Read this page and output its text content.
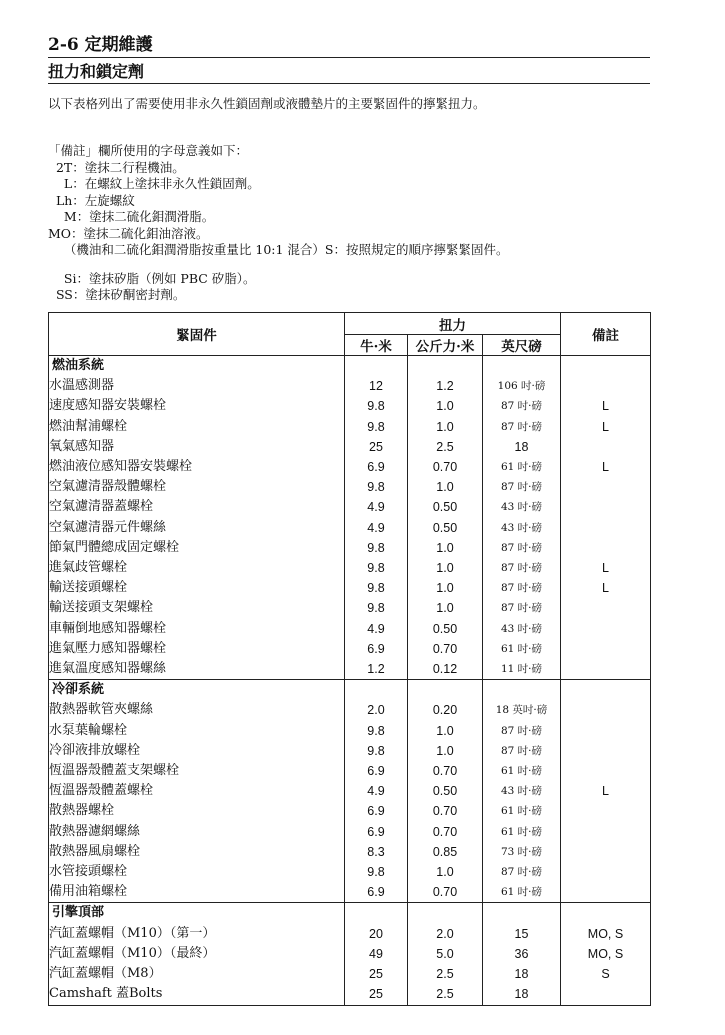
2-6 定期維護
扭力和鎖定劑
以下表格列出了需要使用非永久性鎖固劑或液體墊片的主要緊固件的擰緊扭力。
「備註」欄所使用的字母意義如下：
2T：塗抹二行程機油。
L：在螺紋上塗抹非永久性鎖固劑。
Lh：左旋螺紋
M：塗抹二硫化鉬潤滑脂。
MO：塗抹二硫化鉬油溶液。
（機油和二硫化鉬潤滑脂按重量比 10:1 混合）S：按照規定的順序擰緊緊固件。
Si：塗抹矽脂（例如 PBC 矽脂）。
SS：塗抹矽酮密封劑。
緊固件	扭力			備註
	牛·米	公斤力·米	英尺磅	
燃油系統				
水溫感測器	12	1.2	106 吋·磅	
速度感知器安裝螺栓	9.8	1.0	87 吋·磅	L
燃油幫浦螺栓	9.8	1.0	87 吋·磅	L
氧氣感知器	25	2.5	18	
燃油液位感知器安裝螺栓	6.9	0.70	61 吋·磅	L
空氣濾清器殼體螺栓	9.8	1.0	87 吋·磅	
空氣濾清器蓋螺栓	4.9	0.50	43 吋·磅	
空氣濾清器元件螺絲	4.9	0.50	43 吋·磅	
節氣門體總成固定螺栓	9.8	1.0	87 吋·磅	
進氣歧管螺栓	9.8	1.0	87 吋·磅	L
輸送接頭螺栓	9.8	1.0	87 吋·磅	L
輸送接頭支架螺栓	9.8	1.0	87 吋·磅	
車輛倒地感知器螺栓	4.9	0.50	43 吋·磅	
進氣壓力感知器螺栓	6.9	0.70	61 吋·磅	
進氣溫度感知器螺絲	1.2	0.12	11 吋·磅	
冷卻系統				
散熱器軟管夾螺絲	2.0	0.20	18 英吋·磅	
水泵葉輪螺栓	9.8	1.0	87 吋·磅	
冷卻液排放螺栓	9.8	1.0	87 吋·磅	
恆溫器殼體蓋支架螺栓	6.9	0.70	61 吋·磅	
恆溫器殼體蓋螺栓	4.9	0.50	43 吋·磅	L
散熱器螺栓	6.9	0.70	61 吋·磅	
散熱器濾網螺絲	6.9	0.70	61 吋·磅	
散熱器風扇螺栓	8.3	0.85	73 吋·磅	
水管接頭螺栓	9.8	1.0	87 吋·磅	
備用油箱螺栓	6.9	0.70	61 吋·磅	
引擎頂部				
汽缸蓋螺帽（M10）（第一）	20	2.0	15	MO, S
汽缸蓋螺帽（M10）（最終）	49	5.0	36	MO, S
汽缸蓋螺帽（M8）	25	2.5	18	S
Camshaft 蓋Bolts	25	2.5	18	
